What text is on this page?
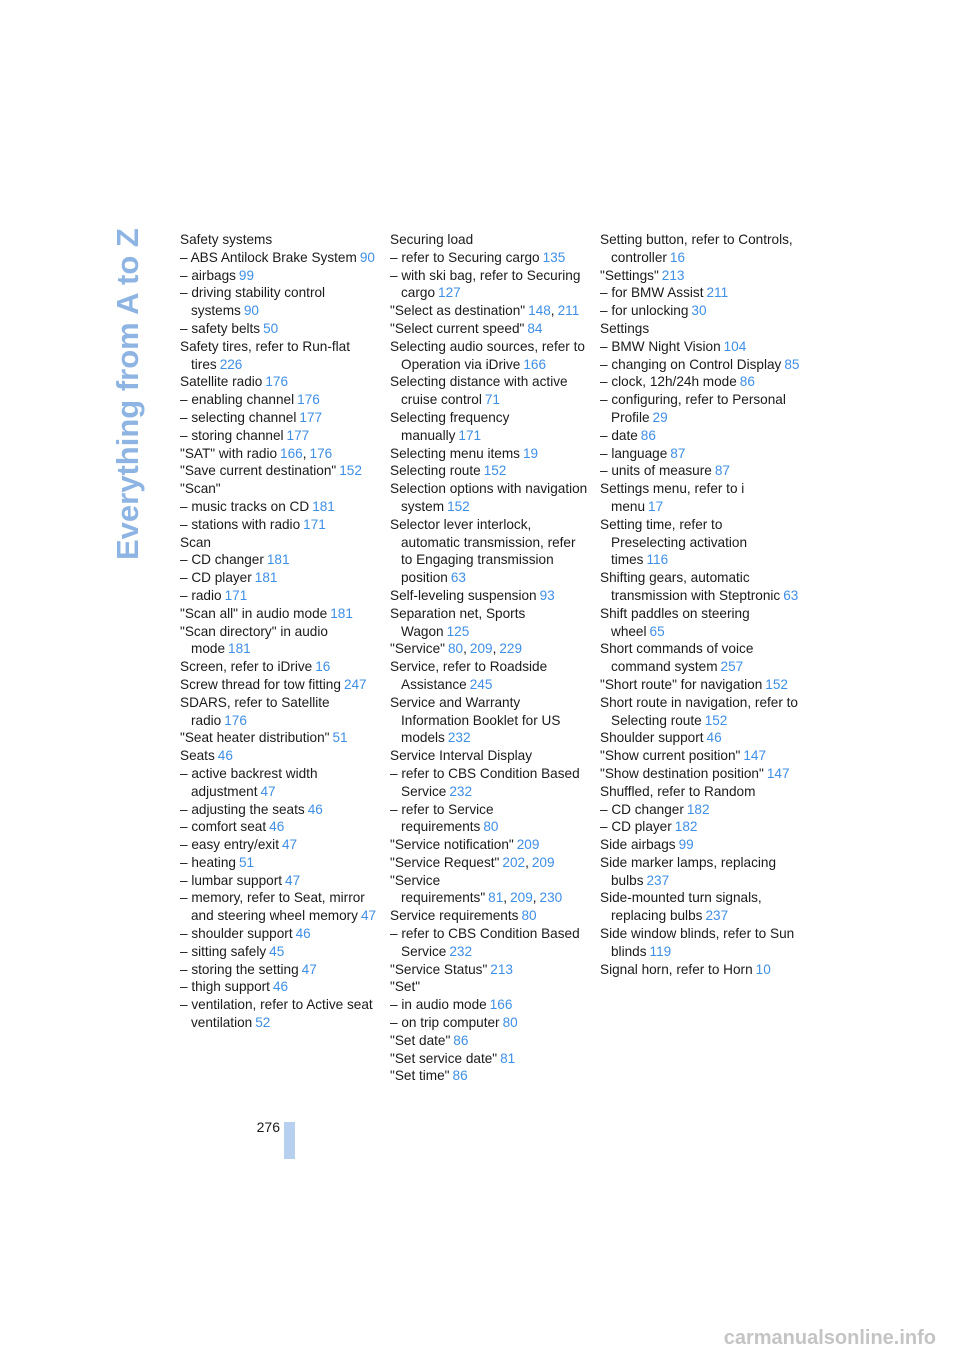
Everything from A to Z	Safety systems
– ABS Antilock Brake System 90
– airbags 99
– driving stability control systems 90
– safety belts 50
Safety tires, refer to Run-flat tires 226
Satellite radio 176
– enabling channel 176
– selecting channel 177
– storing channel 177
"SAT" with radio 166, 176
"Save current destination" 152
"Scan"
– music tracks on CD 181
– stations with radio 171
Scan
– CD changer 181
– CD player 181
– radio 171
"Scan all" in audio mode 181
"Scan directory" in audio mode 181
Screen, refer to iDrive 16
Screw thread for tow fitting 247
SDARS, refer to Satellite radio 176
"Seat heater distribution" 51
Seats 46
– active backrest width adjustment 47
– adjusting the seats 46
– comfort seat 46
– easy entry/exit 47
– heating 51
– lumbar support 47
– memory, refer to Seat, mirror and steering wheel memory 47
– shoulder support 46
– sitting safely 45
– storing the setting 47
– thigh support 46
– ventilation, refer to Active seat ventilation 52
Securing load
– refer to Securing cargo 135
– with ski bag, refer to Securing cargo 127
"Select as destination" 148, 211
"Select current speed" 84
Selecting audio sources, refer to Operation via iDrive 166
Selecting distance with active cruise control 71
Selecting frequency manually 171
Selecting menu items 19
Selecting route 152
Selection options with navigation system 152
Selector lever interlock, automatic transmission, refer to Engaging transmission position 63
Self-leveling suspension 93
Separation net, Sports Wagon 125
"Service" 80, 209, 229
Service, refer to Roadside Assistance 245
Service and Warranty Information Booklet for US models 232
Service Interval Display
– refer to CBS Condition Based Service 232
– refer to Service requirements 80
"Service notification" 209
"Service Request" 202, 209
"Service requirements" 81, 209, 230
Service requirements 80
– refer to CBS Condition Based Service 232
"Service Status" 213
"Set"
– in audio mode 166
– on trip computer 80
"Set date" 86
"Set service date" 81
"Set time" 86
Setting button, refer to Controls, controller 16
"Settings" 213
– for BMW Assist 211
– for unlocking 30
Settings
– BMW Night Vision 104
– changing on Control Display 85
– clock, 12h/24h mode 86
– configuring, refer to Personal Profile 29
– date 86
– language 87
– units of measure 87
Settings menu, refer to i menu 17
Setting time, refer to Preselecting activation times 116
Shifting gears, automatic transmission with Steptronic 63
Shift paddles on steering wheel 65
Short commands of voice command system 257
"Short route" for navigation 152
Short route in navigation, refer to Selecting route 152
Shoulder support 46
"Show current position" 147
"Show destination position" 147
Shuffled, refer to Random
– CD changer 182
– CD player 182
Side airbags 99
Side marker lamps, replacing bulbs 237
Side-mounted turn signals, replacing bulbs 237
Side window blinds, refer to Sun blinds 119
Signal horn, refer to Horn 10
276
carmanualsonline.info
